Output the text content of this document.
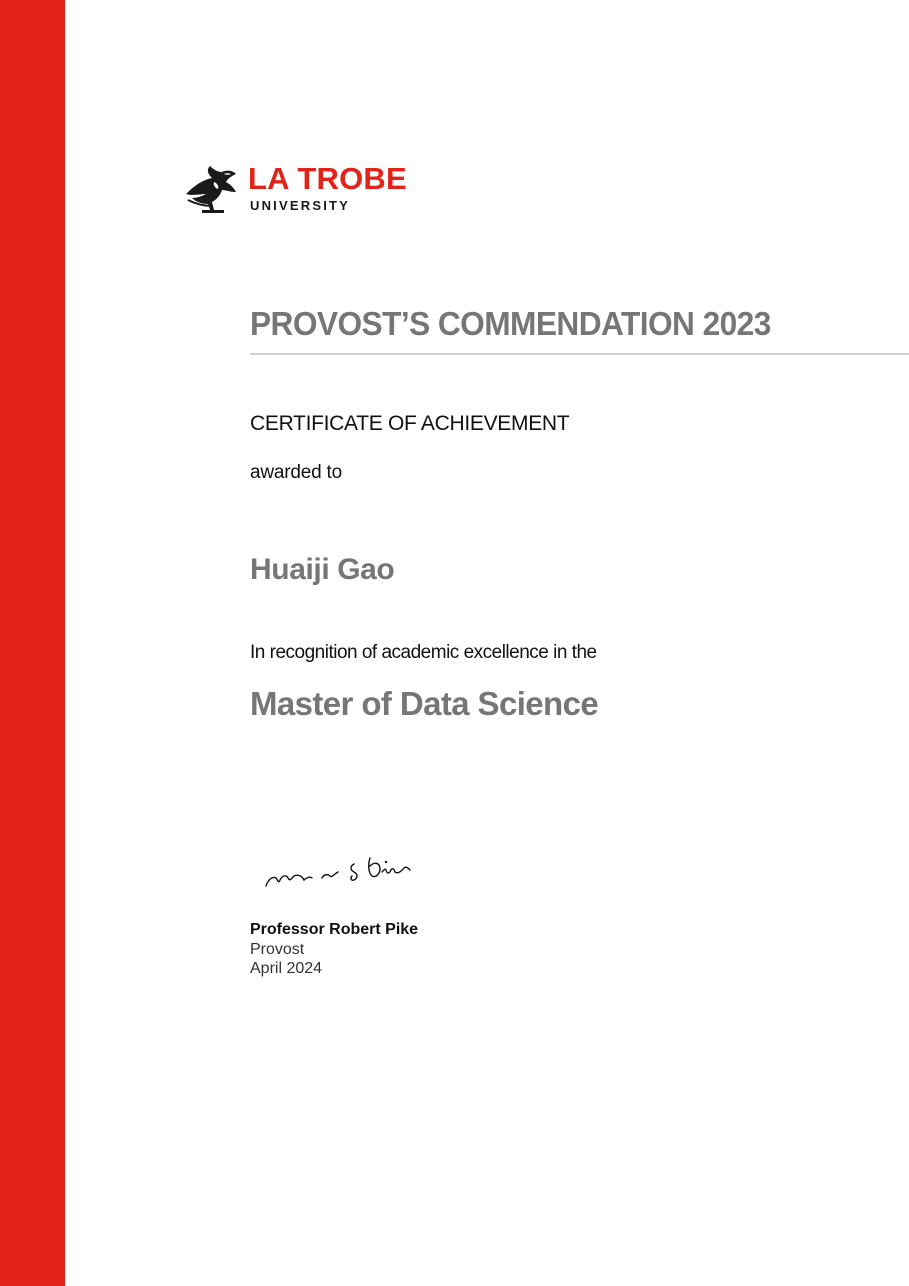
LA TROBE
UNIVERSITY
PROVOST’S COMMENDATION 2023
CERTIFICATE OF ACHIEVEMENT
awarded to
Huaiji Gao
In recognition of academic excellence in the
Master of Data Science
Professor Robert Pike
Provost
April 2024
